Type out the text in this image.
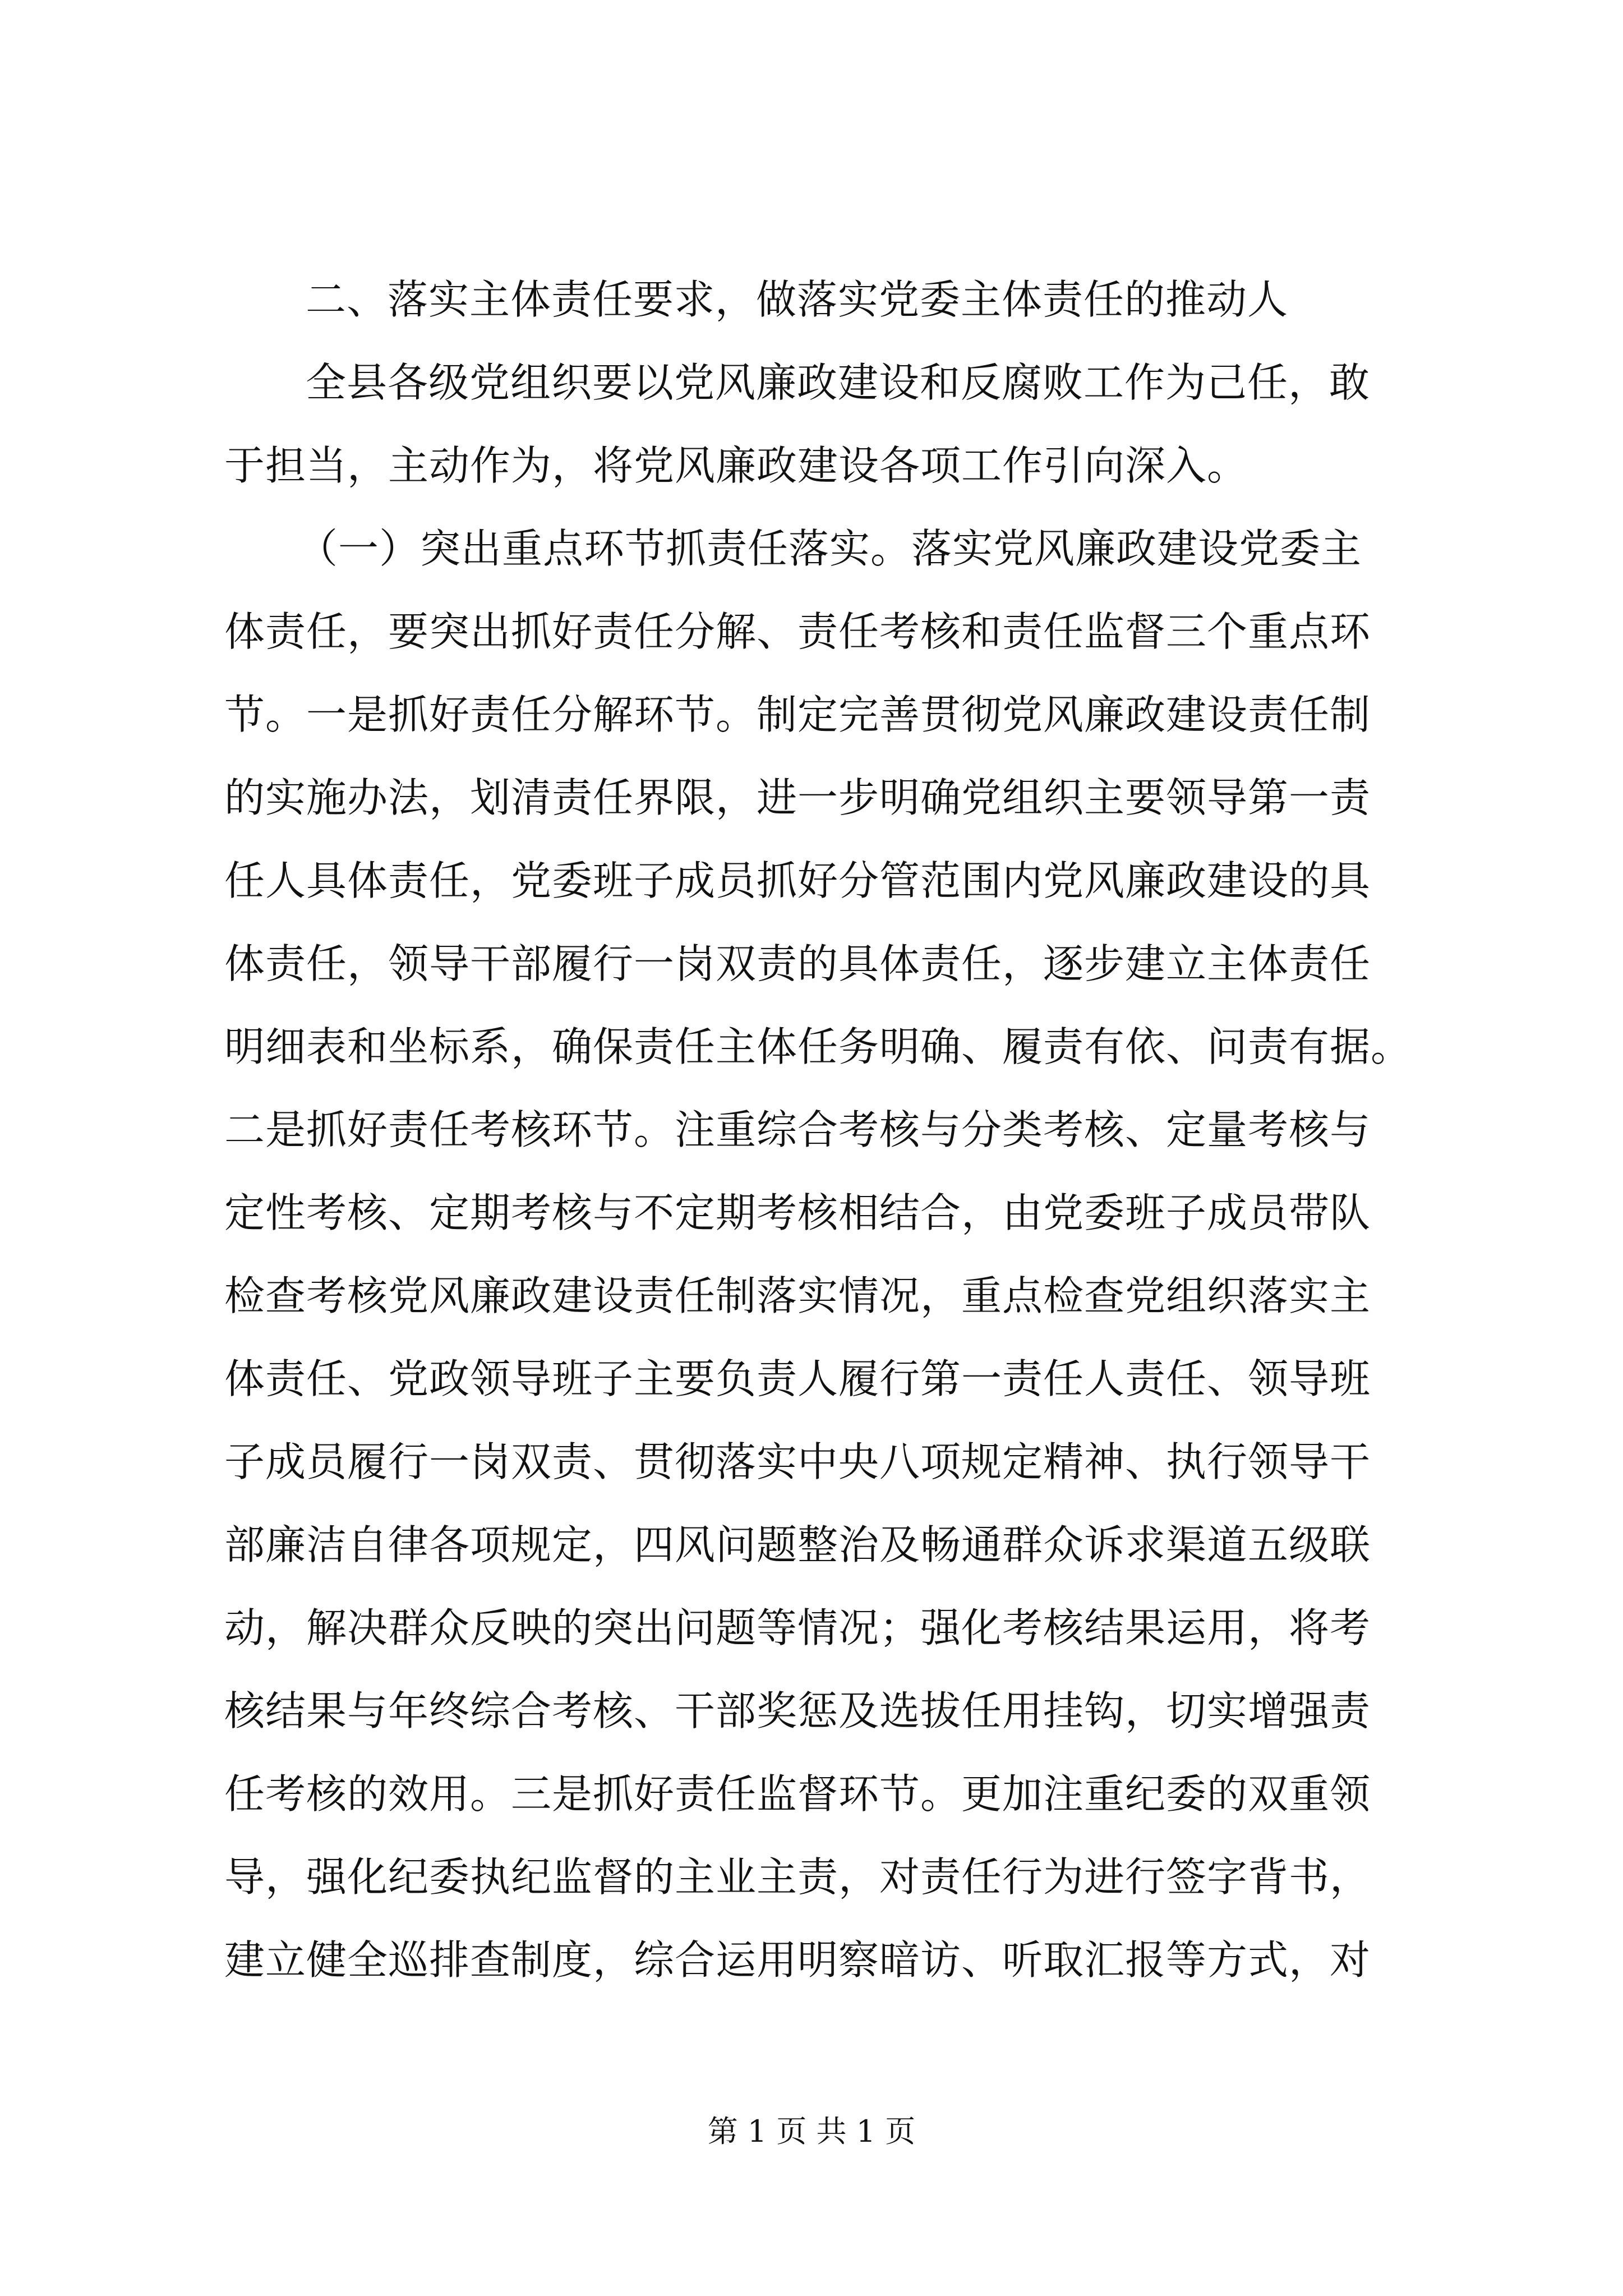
二、落实主体责任要求，做落实党委主体责任的推动人
全县各级党组织要以党风廉政建设和反腐败工作为己任，敢
于担当，主动作为，将党风廉政建设各项工作引向深入。
（一）突出重点环节抓责任落实。落实党风廉政建设党委主
体责任，要突出抓好责任分解、责任考核和责任监督三个重点环
节。一是抓好责任分解环节。制定完善贯彻党风廉政建设责任制
的实施办法，划清责任界限，进一步明确党组织主要领导第一责
任人具体责任，党委班子成员抓好分管范围内党风廉政建设的具
体责任，领导干部履行一岗双责的具体责任，逐步建立主体责任
明细表和坐标系，确保责任主体任务明确、履责有依、问责有据。
二是抓好责任考核环节。注重综合考核与分类考核、定量考核与
定性考核、定期考核与不定期考核相结合，由党委班子成员带队
检查考核党风廉政建设责任制落实情况，重点检查党组织落实主
体责任、党政领导班子主要负责人履行第一责任人责任、领导班
子成员履行一岗双责、贯彻落实中央八项规定精神、执行领导干
部廉洁自律各项规定，四风问题整治及畅通群众诉求渠道五级联
动，解决群众反映的突出问题等情况；强化考核结果运用，将考
核结果与年终综合考核、干部奖惩及选拔任用挂钩，切实增强责
任考核的效用。三是抓好责任监督环节。更加注重纪委的双重领
导，强化纪委执纪监督的主业主责，对责任行为进行签字背书，
建立健全巡排查制度，综合运用明察暗访、听取汇报等方式，对
第 1 页 共 1 页
